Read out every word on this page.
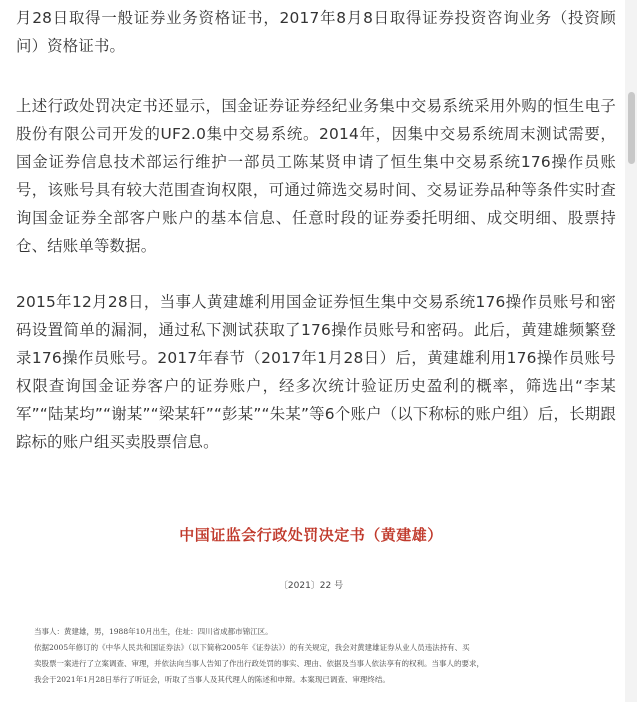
月28日取得一般证券业务资格证书，2017年8月8日取得证券投资咨询业务（投资顾问）资格证书。

上述行政处罚决定书还显示，国金证券证券经纪业务集中交易系统采用外购的恒生电子股份有限公司开发的UF2.0集中交易系统。2014年，因集中交易系统周末测试需要，国金证券信息技术部运行维护一部员工陈某贤申请了恒生集中交易系统176操作员账号，该账号具有较大范围查询权限，可通过筛选交易时间、交易证券品种等条件实时查询国金证券全部客户账户的基本信息、任意时段的证券委托明细、成交明细、股票持仓、结账单等数据。

2015年12月28日，当事人黄建雄利用国金证券恒生集中交易系统176操作员账号和密码设置简单的漏洞，通过私下测试获取了176操作员账号和密码。此后，黄建雄频繁登录176操作员账号。2017年春节（2017年1月28日）后，黄建雄利用176操作员账号权限查询国金证券客户的证券账户，经多次统计验证历史盈利的概率，筛选出“李某军”“陆某均”“谢某”“梁某轩”“彭某”“朱某”等6个账户（以下称标的账户组）后，长期跟踪标的账户组买卖股票信息。

中国证监会行政处罚决定书（黄建雄）
〔2021〕22 号

当事人：黄建雄，男，1988年10月出生，住址：四川省成都市锦江区。

依据2005年修订的《中华人民共和国证券法》（以下简称2005年《证券法》）的有关规定，我会对黄建雄证券从业人员违法持有、买

卖股票一案进行了立案调查、审理，并依法向当事人告知了作出行政处罚的事实、理由、依据及当事人依法享有的权利。当事人的要求，

我会于2021年1月28日举行了听证会，听取了当事人及其代理人的陈述和申辩。本案现已调查、审理终结。
